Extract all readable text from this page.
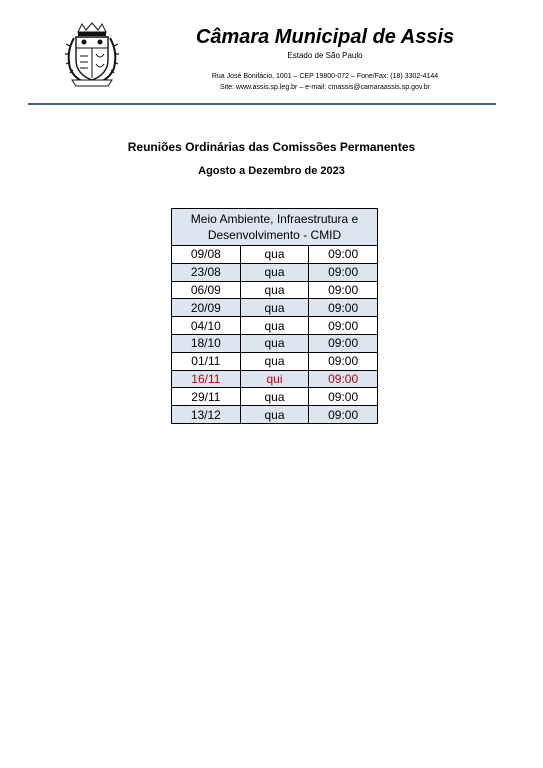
Câmara Municipal de Assis
Estado de São Paulo
Rua José Bonifácio, 1001 – CEP 19800-072 – Fone/Fax: (18) 3302-4144
Site: www.assis.sp.leg.br – e-mail: cmassis@camaraassis.sp.gov.br
Reuniões Ordinárias das Comissões Permanentes
Agosto a Dezembro de 2023
Meio Ambiente, Infraestrutura e
Desenvolvimento - CMID		
09/08	qua	09:00
23/08	qua	09:00
06/09	qua	09:00
20/09	qua	09:00
04/10	qua	09:00
18/10	qua	09:00
01/11	qua	09:00
16/11	qui	09:00
29/11	qua	09:00
13/12	qua	09:00
